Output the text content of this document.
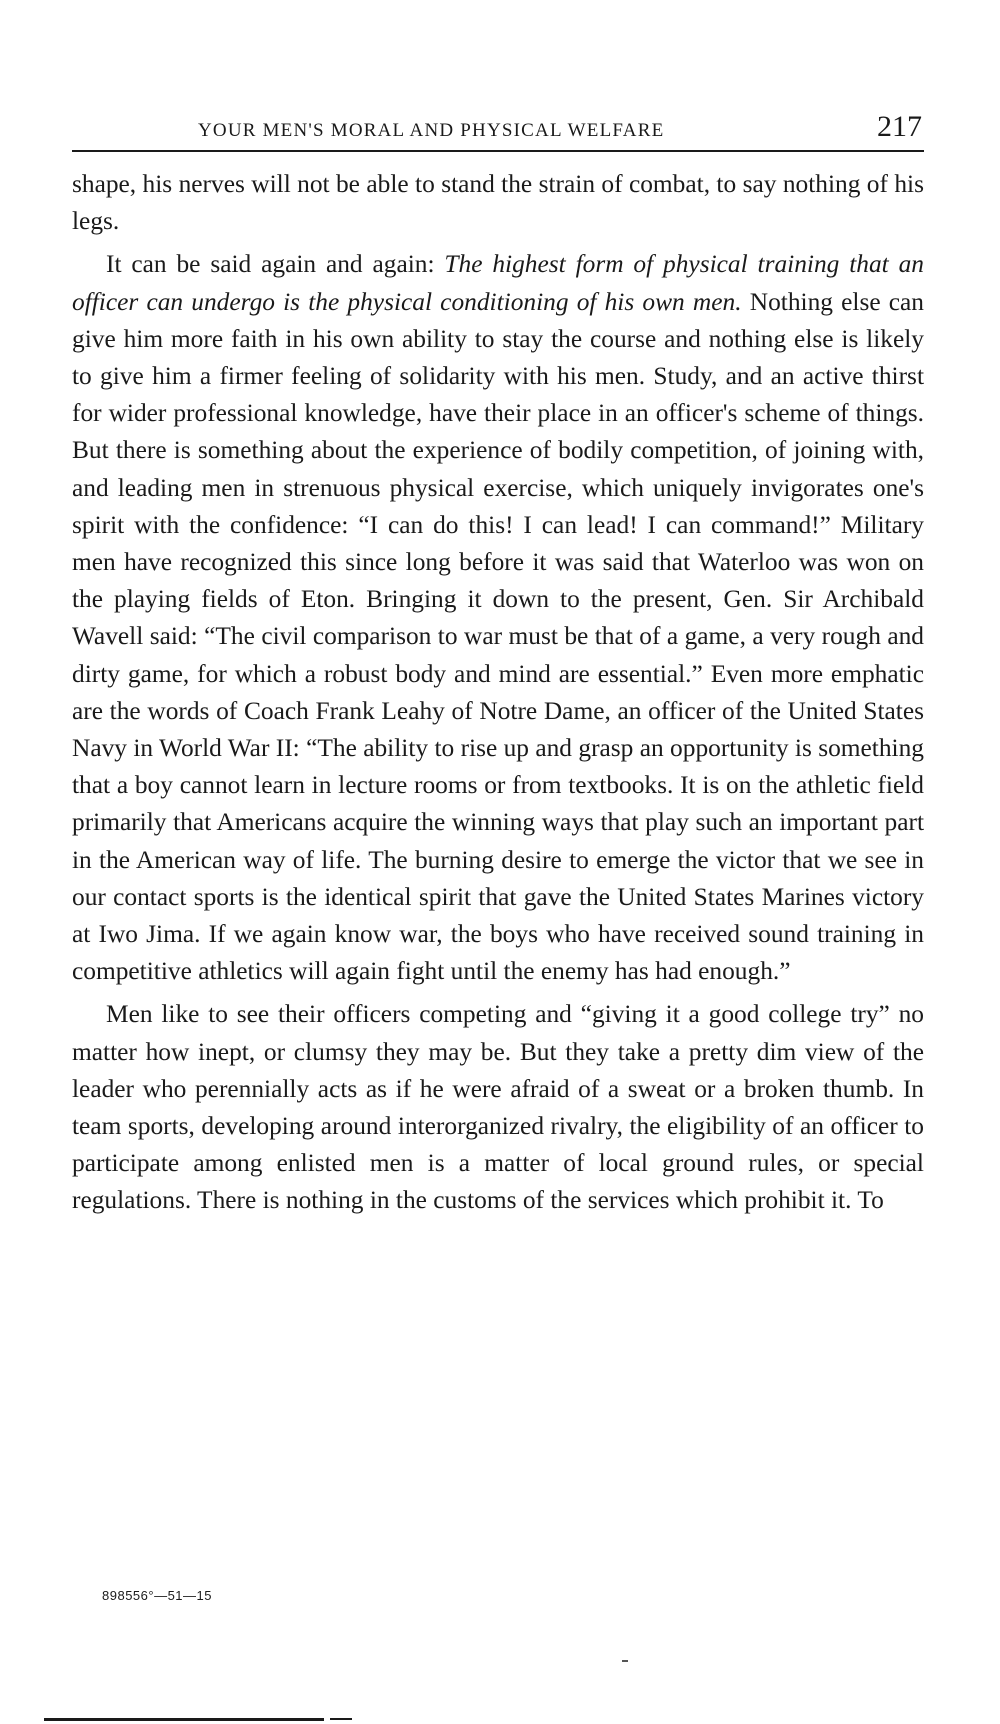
YOUR MEN'S MORAL AND PHYSICAL WELFARE	217

shape, his nerves will not be able to stand the strain of combat, to say nothing of his legs.

It can be said again and again: The highest form of physical training that an officer can undergo is the physical conditioning of his own men. Nothing else can give him more faith in his own ability to stay the course and nothing else is likely to give him a firmer feeling of solidarity with his men. Study, and an active thirst for wider professional knowledge, have their place in an officer's scheme of things. But there is something about the experience of bodily competition, of joining with, and leading men in strenuous physical exercise, which uniquely invigorates one's spirit with the confidence: “I can do this! I can lead! I can command!” Military men have recognized this since long before it was said that Waterloo was won on the playing fields of Eton. Bringing it down to the present, Gen. Sir Archibald Wavell said: “The civil comparison to war must be that of a game, a very rough and dirty game, for which a robust body and mind are essential.” Even more emphatic are the words of Coach Frank Leahy of Notre Dame, an officer of the United States Navy in World War II: “The ability to rise up and grasp an opportunity is something that a boy cannot learn in lecture rooms or from textbooks. It is on the athletic field primarily that Americans acquire the winning ways that play such an important part in the American way of life. The burning desire to emerge the victor that we see in our contact sports is the identical spirit that gave the United States Marines victory at Iwo Jima. If we again know war, the boys who have received sound training in competitive athletics will again fight until the enemy has had enough.”

Men like to see their officers competing and “giving it a good college try” no matter how inept, or clumsy they may be. But they take a pretty dim view of the leader who perennially acts as if he were afraid of a sweat or a broken thumb. In team sports, developing around interorganized rivalry, the eligibility of an officer to participate among enlisted men is a matter of local ground rules, or special regulations. There is nothing in the customs of the services which prohibit it. To

898556°—51—15
